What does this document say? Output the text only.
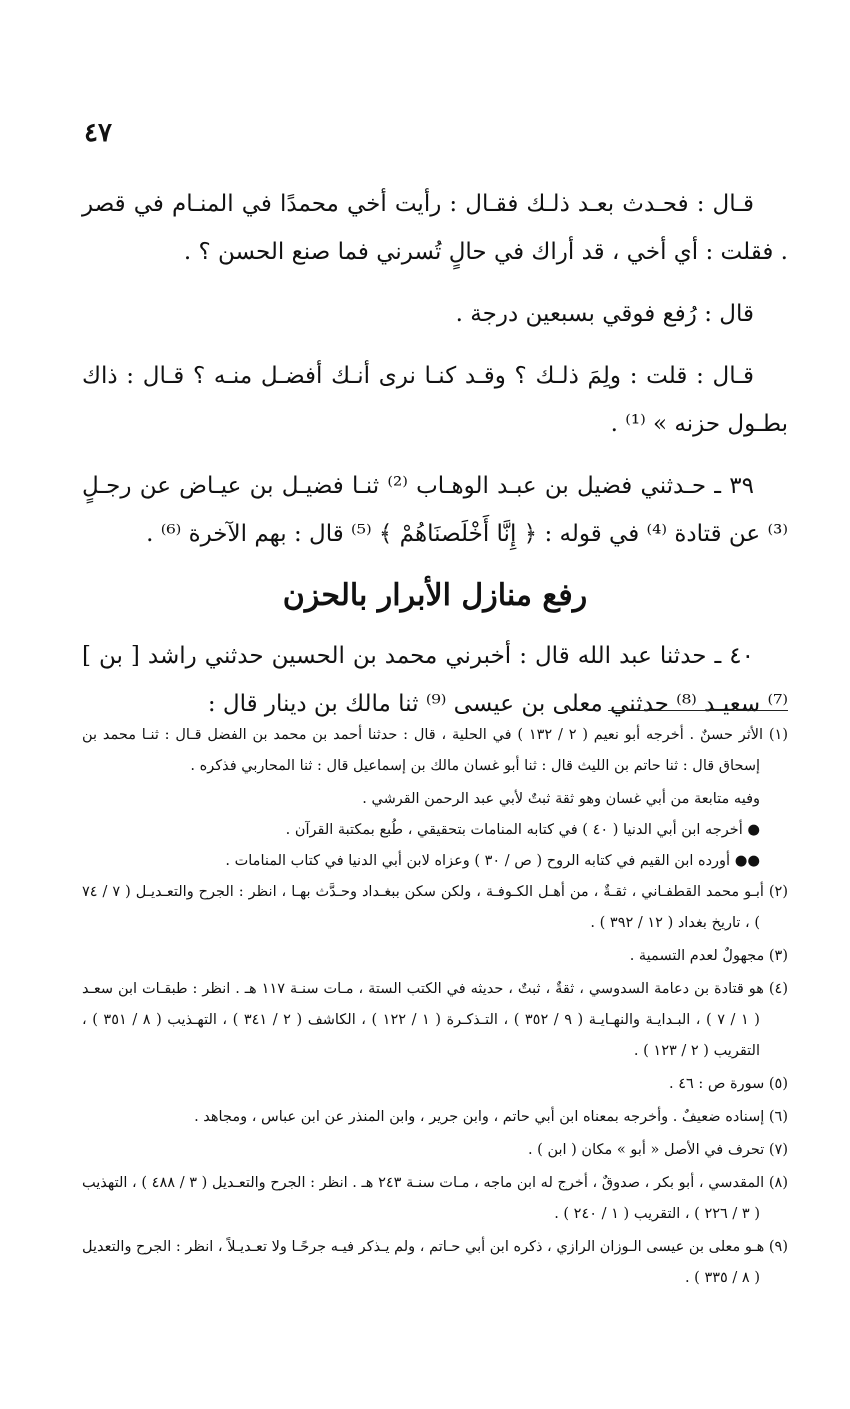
٤٧

قـال : فحـدث بعـد ذلـك فقـال : رأيت أخي محمدًا في المنـام في قصر . فقلت : أي أخي ، قد أراك في حالٍ تُسرني فما صنع الحسن ؟ .

قال : رُفع فوقي بسبعين درجة .

قـال : قلت : ولِمَ ذلـك ؟ وقـد كنـا نرى أنـك أفضـل منـه ؟ قـال : ذاك بطـول حزنه » ⁽¹⁾ .

٣٩ ـ حـدثني فضيل بن عبـد الوهـاب ⁽²⁾ ثنـا فضيـل بن عيـاض عن رجـلٍ ⁽³⁾ عن قتادة ⁽⁴⁾ في قوله : ﴿ إِنَّا أَخْلَصنَاهُمْ ﴾ ⁽⁵⁾ قال : بهم الآخرة ⁽⁶⁾ .

رفع منازل الأبرار بالحزن

٤٠ ـ حدثنا عبد الله قال : أخبرني محمد بن الحسين حدثني راشد [ بن ] ⁽⁷⁾ سعيـد ⁽⁸⁾ حدثني معلى بن عيسى ⁽⁹⁾ ثنا مالك بن دينار قال :

(١) الأثر حسنٌ . أخرجه أبو نعيم ( ٢ / ١٣٢ ) في الحلية ، قال : حدثنا أحمد بن محمد بن الفضل قـال : ثنـا محمد بن إسحاق قال : ثنا حاتم بن الليث قال : ثنا أبو غسان مالك بن إسماعيل قال : ثنا المحاربي فذكره .

وفيه متابعة من أبي غسان وهو ثقة ثبتٌ لأبي عبد الرحمن القرشي .

● أخرجه ابن أبي الدنيا ( ٤٠ ) في كتابه المنامات بتحقيقي ، طُبع بمكتبة القرآن .

●● أورده ابن القيم في كتابه الروح ( ص / ٣٠ ) وعزاه لابن أبي الدنيا في كتاب المنامات .

(٢) أبـو محمد القطفـاني ، ثقـةٌ ، من أهـل الكـوفـة ، ولكن سكن ببغـداد وحـدَّث بهـا ، انظر : الجرح والتعـديـل ( ٧ / ٧٤ ) ، تاريخ بغداد ( ١٢ / ٣٩٢ ) .

(٣) مجهولٌ لعدم التسمية .

(٤) هو قتادة بن دعامة السدوسي ، ثقةٌ ، ثبتٌ ، حديثه في الكتب الستة ، مـات سنـة ١١٧ هـ . انظر : طبقـات ابن سعـد ( ١ / ٧ ) ، البـدايـة والنهـايـة ( ٩ / ٣٥٢ ) ، التـذكـرة ( ١ / ١٢٢ ) ، الكاشف ( ٢ / ٣٤١ ) ، التهـذيب ( ٨ / ٣٥١ ) ، التقريب ( ٢ / ١٢٣ ) .

(٥) سورة ص : ٤٦ .

(٦) إسناده ضعيفٌ . وأخرجه بمعناه ابن أبي حاتم ، وابن جرير ، وابن المنذر عن ابن عباس ، ومجاهد .

(٧) تحرف في الأصل « أبو » مكان ( ابن ) .

(٨) المقدسي ، أبو بكر ، صدوقٌ ، أخرج له ابن ماجه ، مـات سنـة ٢٤٣ هـ . انظر : الجرح والتعـديل ( ٣ / ٤٨٨ ) ، التهذيب ( ٣ / ٢٢٦ ) ، التقريب ( ١ / ٢٤٠ ) .

(٩) هـو معلى بن عيسى الـوزان الرازي ، ذكره ابن أبي حـاتم ، ولم يـذكر فيـه جرحًـا ولا تعـديـلاً ، انظر : الجرح والتعديل ( ٨ / ٣٣٥ ) .
